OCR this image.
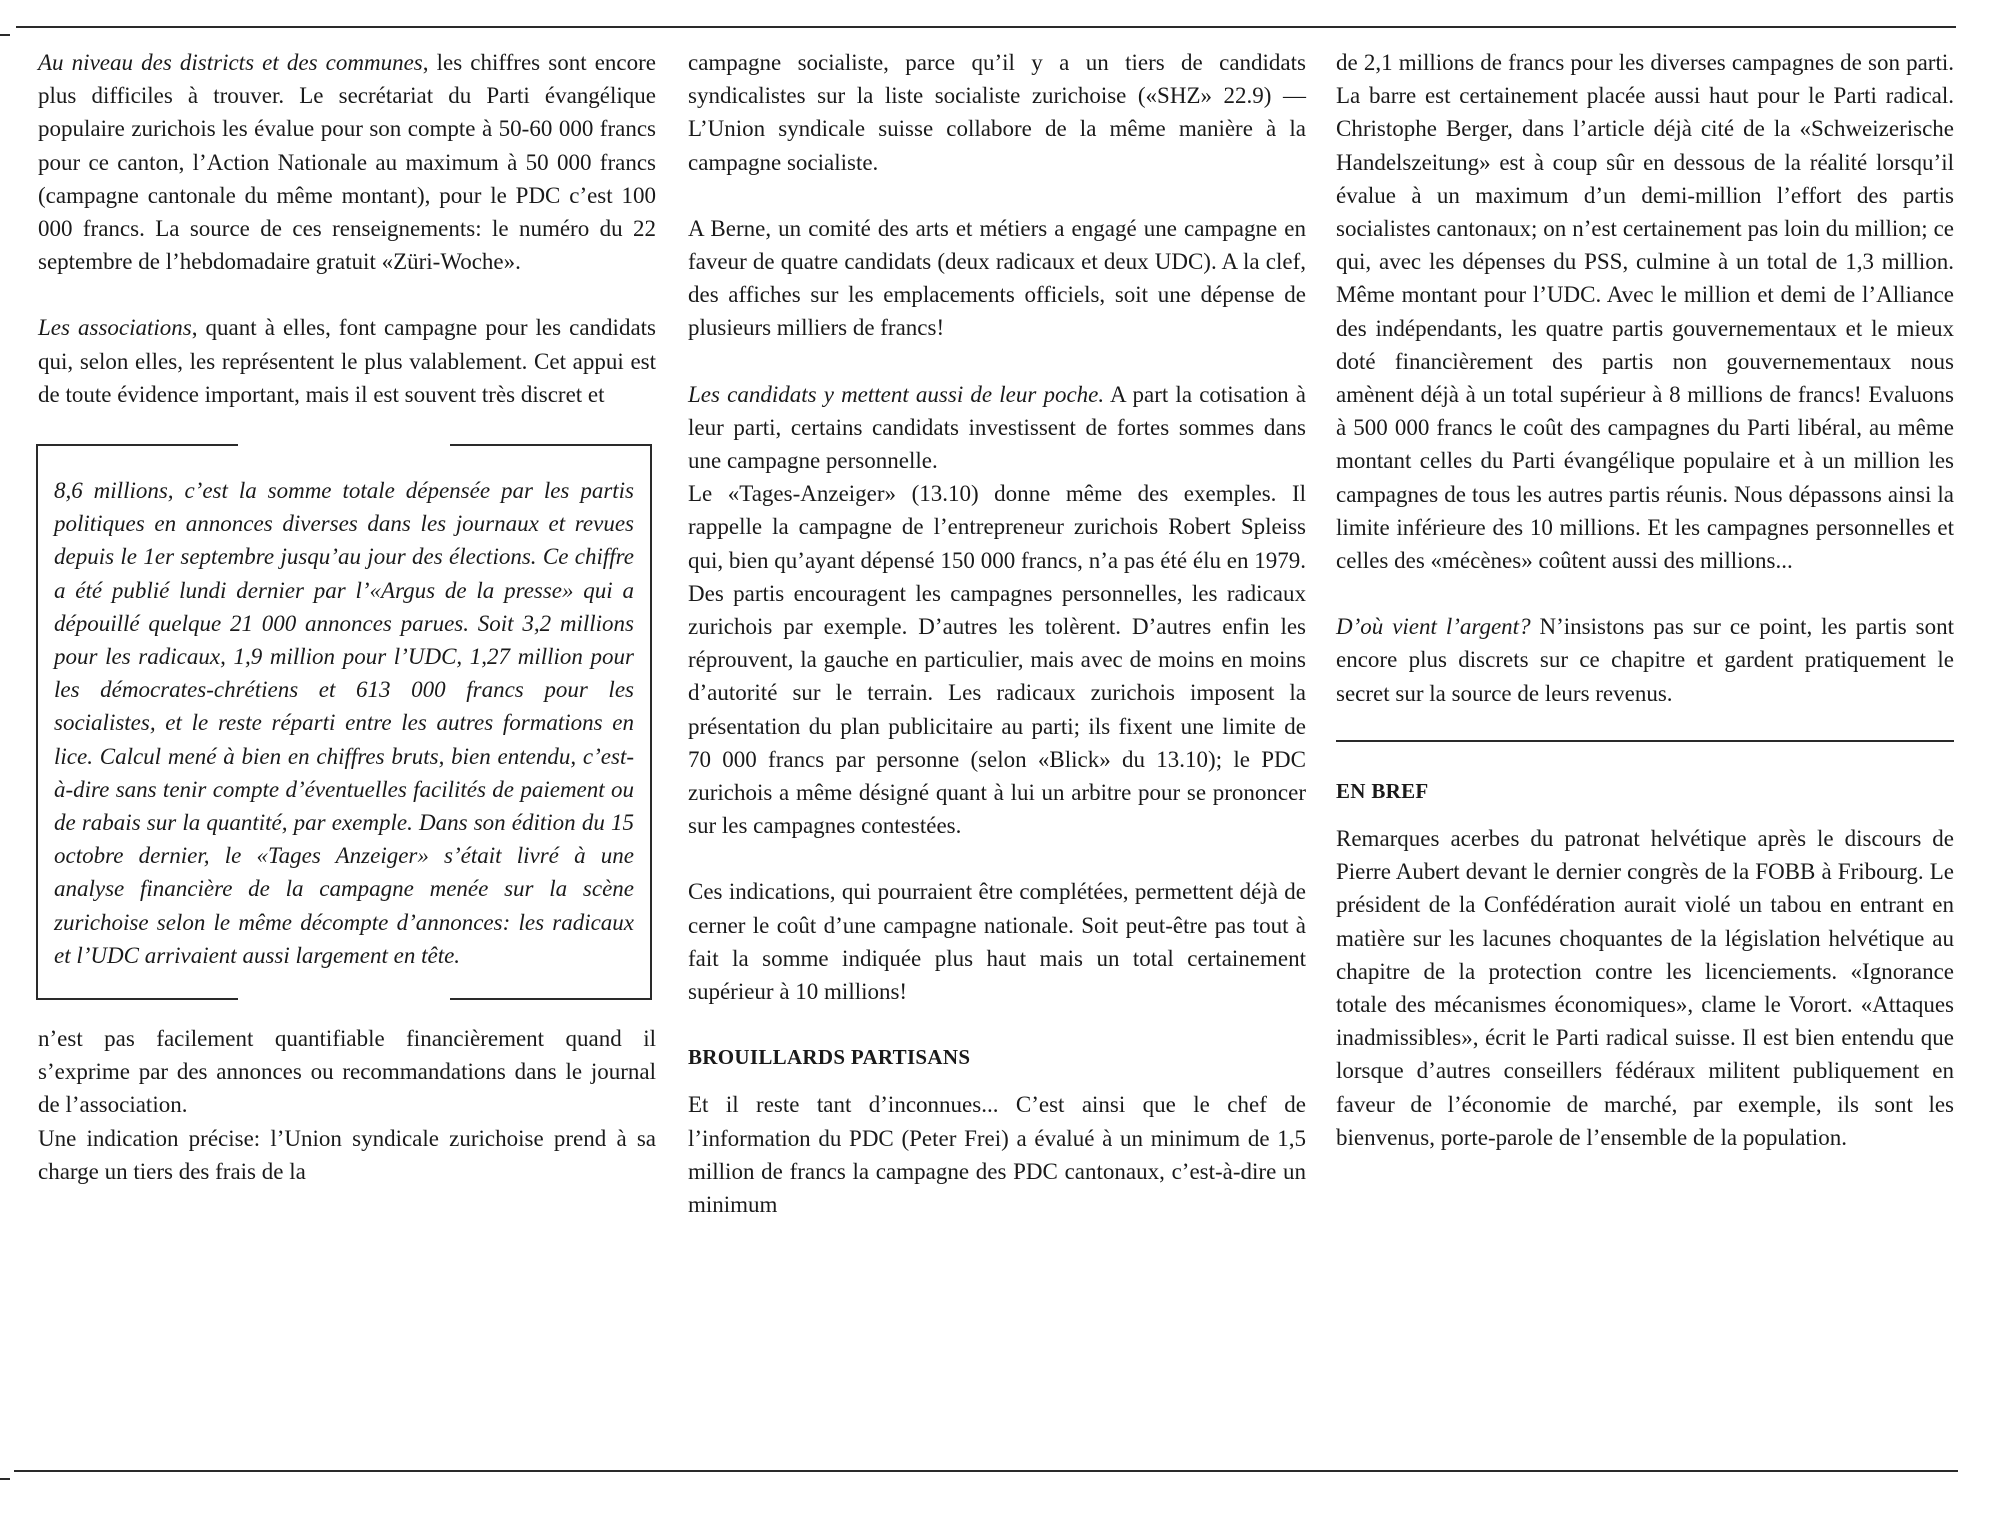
Au niveau des districts et des communes, les chiffres sont encore plus difficiles à trouver. Le secrétariat du Parti évangélique populaire zurichois les évalue pour son compte à 50-60 000 francs pour ce canton, l’Action Nationale au maximum à 50 000 francs (campagne cantonale du même montant), pour le PDC c’est 100 000 francs. La source de ces renseignements: le numéro du 22 septembre de l’hebdomadaire gratuit «Züri-Woche».

Les associations, quant à elles, font campagne pour les candidats qui, selon elles, les représentent le plus valablement. Cet appui est de toute évidence important, mais il est souvent très discret et

8,6 millions, c’est la somme totale dépensée par les partis politiques en annonces diverses dans les journaux et revues depuis le 1er septembre jusqu’au jour des élections. Ce chiffre a été publié lundi dernier par l’«Argus de la presse» qui a dépouillé quelque 21 000 annonces parues. Soit 3,2 millions pour les radicaux, 1,9 million pour l’UDC, 1,27 million pour les démocrates-chrétiens et 613 000 francs pour les socialistes, et le reste réparti entre les autres formations en lice. Calcul mené à bien en chiffres bruts, bien entendu, c’est-à-dire sans tenir compte d’éventuelles facilités de paiement ou de rabais sur la quantité, par exemple. Dans son édition du 15 octobre dernier, le «Tages Anzeiger» s’était livré à une analyse financière de la campagne menée sur la scène zurichoise selon le même décompte d’annonces: les radicaux et l’UDC arrivaient aussi largement en tête.

n’est pas facilement quantifiable financièrement quand il s’exprime par des annonces ou recommandations dans le journal de l’association.

Une indication précise: l’Union syndicale zurichoise prend à sa charge un tiers des frais de la

campagne socialiste, parce qu’il y a un tiers de candidats syndicalistes sur la liste socialiste zurichoise («SHZ» 22.9) — L’Union syndicale suisse collabore de la même manière à la campagne socialiste.

A Berne, un comité des arts et métiers a engagé une campagne en faveur de quatre candidats (deux radicaux et deux UDC). A la clef, des affiches sur les emplacements officiels, soit une dépense de plusieurs milliers de francs!

Les candidats y mettent aussi de leur poche. A part la cotisation à leur parti, certains candidats investissent de fortes sommes dans une campagne personnelle.

Le «Tages-Anzeiger» (13.10) donne même des exemples. Il rappelle la campagne de l’entrepreneur zurichois Robert Spleiss qui, bien qu’ayant dépensé 150 000 francs, n’a pas été élu en 1979. Des partis encouragent les campagnes personnelles, les radicaux zurichois par exemple. D’autres les tolèrent. D’autres enfin les réprouvent, la gauche en particulier, mais avec de moins en moins d’autorité sur le terrain. Les radicaux zurichois imposent la présentation du plan publicitaire au parti; ils fixent une limite de 70 000 francs par personne (selon «Blick» du 13.10); le PDC zurichois a même désigné quant à lui un arbitre pour se prononcer sur les campagnes contestées.

Ces indications, qui pourraient être complétées, permettent déjà de cerner le coût d’une campagne nationale. Soit peut-être pas tout à fait la somme indiquée plus haut mais un total certainement supérieur à 10 millions!

BROUILLARDS PARTISANS

Et il reste tant d’inconnues... C’est ainsi que le chef de l’information du PDC (Peter Frei) a évalué à un minimum de 1,5 million de francs la campagne des PDC cantonaux, c’est-à-dire un minimum

de 2,1 millions de francs pour les diverses campagnes de son parti. La barre est certainement placée aussi haut pour le Parti radical. Christophe Berger, dans l’article déjà cité de la «Schweizerische Handelszeitung» est à coup sûr en dessous de la réalité lorsqu’il évalue à un maximum d’un demi-million l’effort des partis socialistes cantonaux; on n’est certainement pas loin du million; ce qui, avec les dépenses du PSS, culmine à un total de 1,3 million. Même montant pour l’UDC. Avec le million et demi de l’Alliance des indépendants, les quatre partis gouvernementaux et le mieux doté financièrement des partis non gouvernementaux nous amènent déjà à un total supérieur à 8 millions de francs! Evaluons à 500 000 francs le coût des campagnes du Parti libéral, au même montant celles du Parti évangélique populaire et à un million les campagnes de tous les autres partis réunis. Nous dépassons ainsi la limite inférieure des 10 millions. Et les campagnes personnelles et celles des «mécènes» coûtent aussi des millions...

D’où vient l’argent? N’insistons pas sur ce point, les partis sont encore plus discrets sur ce chapitre et gardent pratiquement le secret sur la source de leurs revenus.

EN BREF

Remarques acerbes du patronat helvétique après le discours de Pierre Aubert devant le dernier congrès de la FOBB à Fribourg. Le président de la Confédération aurait violé un tabou en entrant en matière sur les lacunes choquantes de la législation helvétique au chapitre de la protection contre les licenciements. «Ignorance totale des mécanismes économiques», clame le Vorort. «Attaques inadmissibles», écrit le Parti radical suisse. Il est bien entendu que lorsque d’autres conseillers fédéraux militent publiquement en faveur de l’économie de marché, par exemple, ils sont les bienvenus, porte-parole de l’ensemble de la population.
